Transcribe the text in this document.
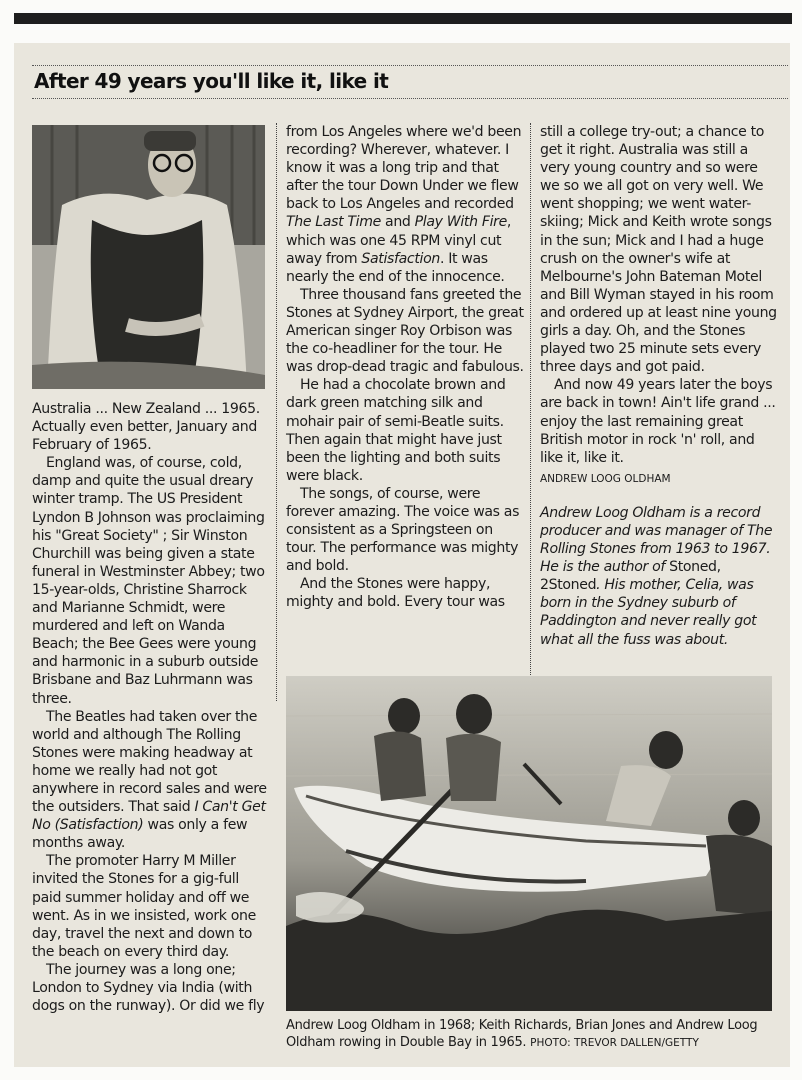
After 49 years you'll like it, like it

Australia ... New Zealand ... 1965. Actually even better, January and February of 1965.

England was, of course, cold, damp and quite the usual dreary winter tramp. The US President Lyndon B Johnson was proclaiming his "Great Society" ; Sir Winston Churchill was being given a state funeral in Westminster Abbey; two 15-year-olds, Christine Sharrock and Marianne Schmidt, were murdered and left on Wanda Beach; the Bee Gees were young and harmonic in a suburb outside Brisbane and Baz Luhrmann was three.

The Beatles had taken over the world and although The Rolling Stones were making headway at home we really had not got anywhere in record sales and were the outsiders. That said I Can't Get No (Satisfaction) was only a few months away.

The promoter Harry M Miller invited the Stones for a gig-full paid summer holiday and off we went. As in we insisted, work one day, travel the next and down to the beach on every third day.

The journey was a long one; London to Sydney via India (with dogs on the runway). Or did we fly

from Los Angeles where we'd been recording? Wherever, whatever. I know it was a long trip and that after the tour Down Under we flew back to Los Angeles and recorded The Last Time and Play With Fire, which was one 45 RPM vinyl cut away from Satisfaction. It was nearly the end of the innocence.

Three thousand fans greeted the Stones at Sydney Airport, the great American singer Roy Orbison was the co-headliner for the tour. He was drop-dead tragic and fabulous.

He had a chocolate brown and dark green matching silk and mohair pair of semi-Beatle suits. Then again that might have just been the lighting and both suits were black.

The songs, of course, were forever amazing. The voice was as consistent as a Springsteen on tour. The performance was mighty and bold.

And the Stones were happy, mighty and bold. Every tour was

still a college try-out; a chance to get it right. Australia was still a very young country and so were we so we all got on very well. We went shopping; we went water-skiing; Mick and Keith wrote songs in the sun; Mick and I had a huge crush on the owner's wife at Melbourne's John Bateman Motel and Bill Wyman stayed in his room and ordered up at least nine young girls a day. Oh, and the Stones played two 25 minute sets every three days and got paid.

And now 49 years later the boys are back in town! Ain't life grand ... enjoy the last remaining great British motor in rock 'n' roll, and like it, like it.

ANDREW LOOG OLDHAM

Andrew Loog Oldham is a record producer and was manager of The Rolling Stones from 1963 to 1967. He is the author of Stoned, 2Stoned. His mother, Celia, was born in the Sydney suburb of Paddington and never really got what all the fuss was about.

Andrew Loog Oldham in 1968; Keith Richards, Brian Jones and Andrew Loog Oldham rowing in Double Bay in 1965. PHOTO: TREVOR DALLEN/GETTY
